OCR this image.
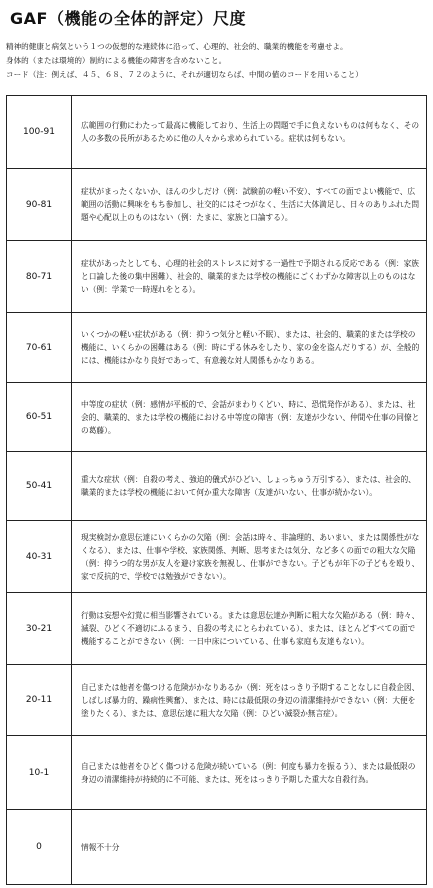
GAF（機能の全体的評定）尺度
精神的健康と病気という１つの仮想的な連続体に沿って、心理的、社会的、職業的機能を考慮せよ。
身体的（または環境的）制約による機能の障害を含めないこと。
コード（注：例えば、４５、６８、７２のように、それが適切ならば、中間の値のコードを用いること）
100-91	広範囲の行動にわたって最高に機能しており、生活上の問題で手に負えないものは何もなく、その人の多数の長所があるために他の人々から求められている。症状は何もない。
90-81	症状がまったくないか、ほんの少しだけ（例：試験前の軽い不安）、すべての面でよい機能で、広範囲の活動に興味をもち参加し、社交的にはそつがなく、生活に大体満足し、日々のありふれた問題や心配以上のものはない（例：たまに、家族と口論する）。
80-71	症状があったとしても、心理的社会的ストレスに対する一過性で予期される反応である（例：家族と口論した後の集中困難）、社会的、職業的または学校の機能にごくわずかな障害以上のものはない（例：学業で一時遅れをとる）。
70-61	いくつかの軽い症状がある（例：抑うつ気分と軽い不眠）、または、社会的、職業的または学校の機能に、いくらかの困難はある（例：時にずる休みをしたり、家の金を盗んだりする）が、全般的には、機能はかなり良好であって、有意義な対人関係もかなりある。
60-51	中等度の症状（例：感情が平板的で、会話がまわりくどい、時に、恐慌発作がある）、または、社会的、職業的、または学校の機能における中等度の障害（例：友達が少ない、仲間や仕事の同僚との葛藤）。
50-41	重大な症状（例：自殺の考え、強迫的儀式がひどい、しょっちゅう万引する）、または、社会的、職業的または学校の機能において何か重大な障害（友達がいない、仕事が続かない）。
40-31	現実検討か意思伝達にいくらかの欠陥（例：会話は時々、非論理的、あいまい、または関係性がなくなる）、または、仕事や学校、家族関係、判断、思考または気分、など多くの面での粗大な欠陥（例：抑うつ的な男が友人を避け家族を無視し、仕事ができない。子どもが年下の子どもを殴り、家で反抗的で、学校では勉強ができない）。
30-21	行動は妄想や幻覚に相当影響されている。または意思伝達か判断に粗大な欠陥がある（例：時々、滅裂、ひどく不適切にふるまう、自殺の考えにとらわれている）、または、ほとんどすべての面で機能することができない（例：一日中床についている、仕事も家庭も友達もない）。
20-11	自己または他者を傷つける危険がかなりあるか（例：死をはっきり予期することなしに自殺企図、しばしば暴力的、躁病性興奮）、または、時には最低限の身辺の清潔維持ができない（例：大便を塗りたくる）、または、意思伝達に粗大な欠陥（例：ひどい滅裂か無言症）。
10-1	自己または他者をひどく傷つける危険が続いている（例：何度も暴力を振るう）、または最低限の身辺の清潔維持が持続的に不可能、または、死をはっきり予期した重大な自殺行為。
0	情報不十分
